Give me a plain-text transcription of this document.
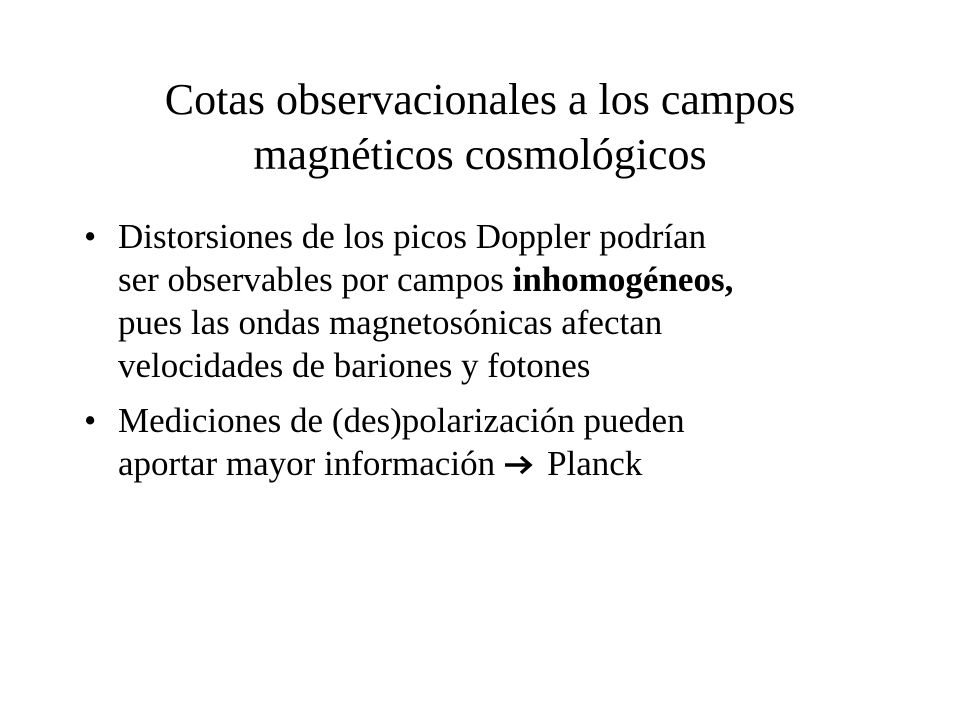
Cotas observacionales a los campos
magnéticos cosmológicos
• Distorsiones de los picos Doppler podrían
ser observables por campos inhomogéneos,
pues las ondas magnetosónicas afectan
velocidades de bariones y fotones
• Mediciones de (des)polarización pueden
aportar mayor información Planck
